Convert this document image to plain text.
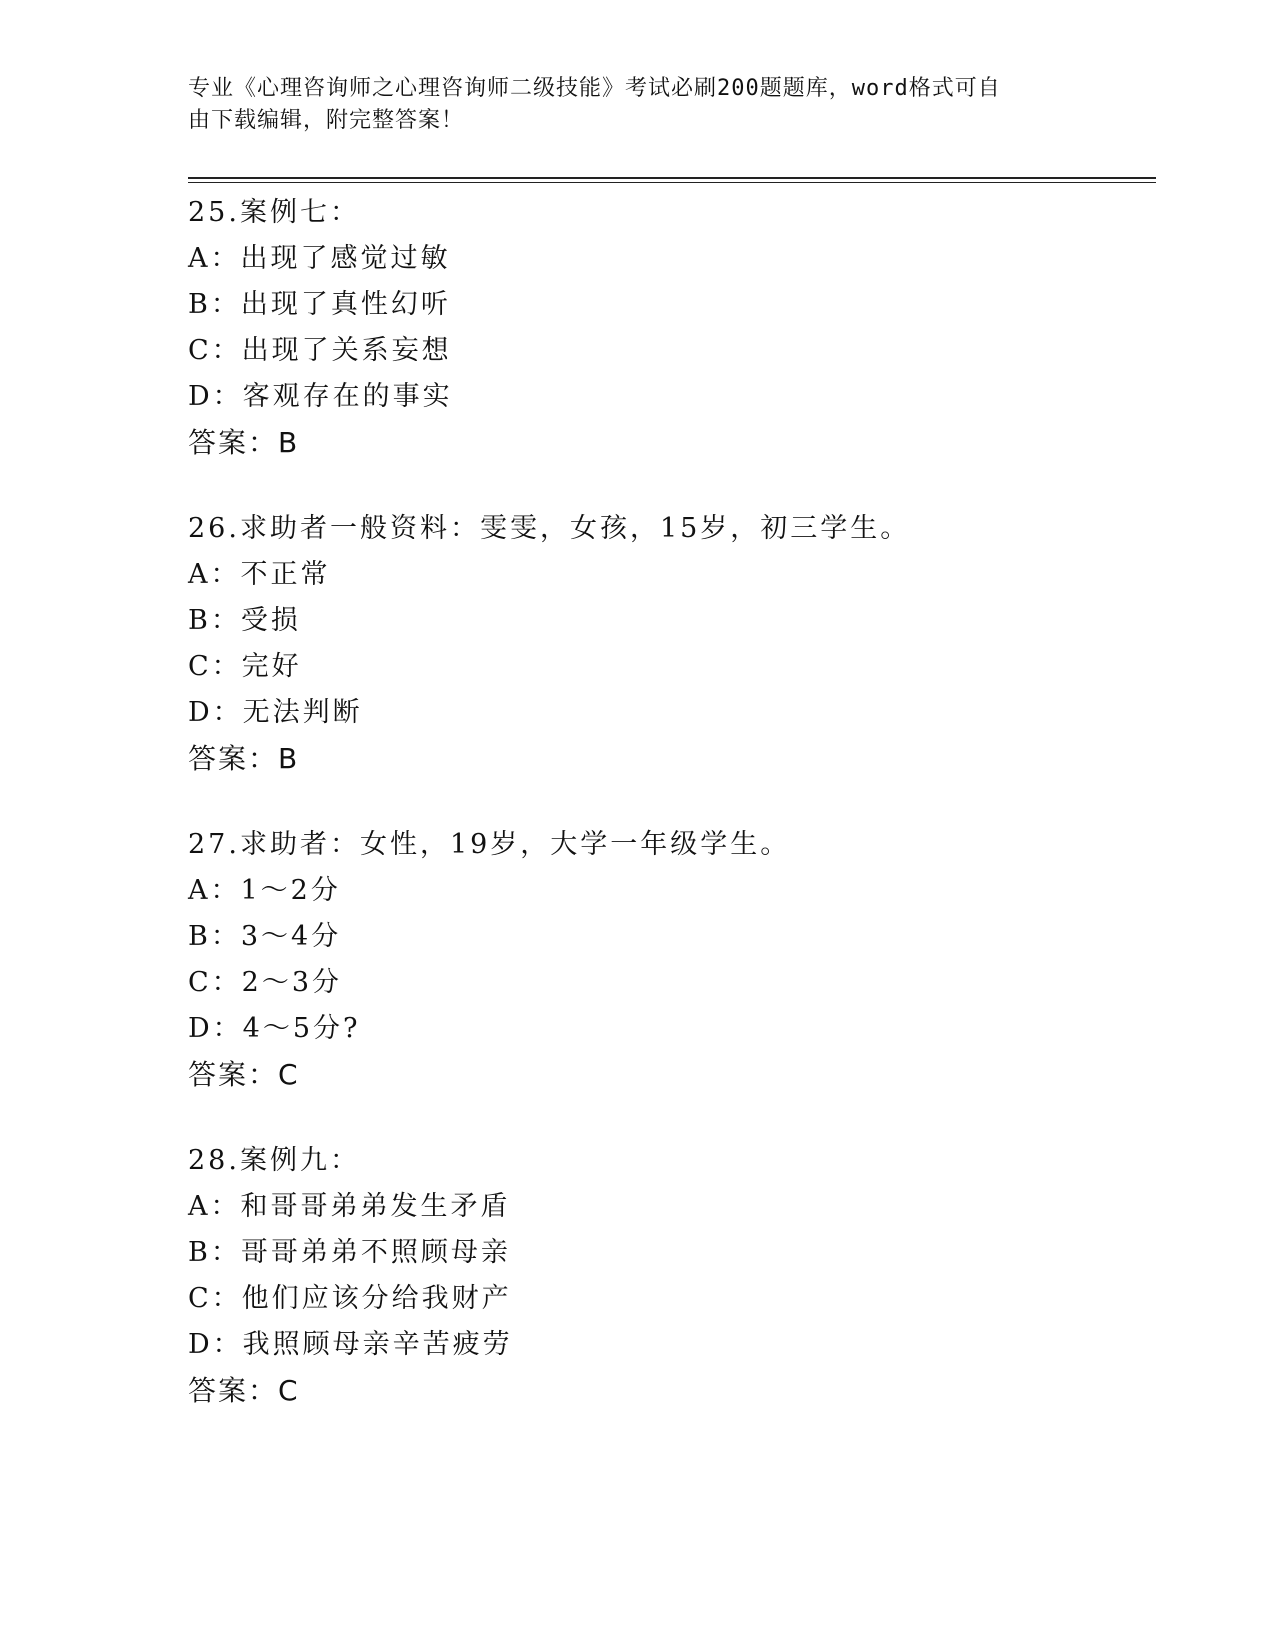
专业《心理咨询师之心理咨询师二级技能》考试必刷200题题库，word格式可自
由下载编辑，附完整答案！
25.案例七：
A：出现了感觉过敏
B：出现了真性幻听
C：出现了关系妄想
D：客观存在的事实
答案：B
26.求助者一般资料：雯雯，女孩，15岁，初三学生。
A：不正常
B：受损
C：完好
D：无法判断
答案：B
27.求助者：女性，19岁，大学一年级学生。
A：1～2分
B：3～4分
C：2～3分
D：4～5分?
答案：C
28.案例九：
A：和哥哥弟弟发生矛盾
B：哥哥弟弟不照顾母亲
C：他们应该分给我财产
D：我照顾母亲辛苦疲劳
答案：C
